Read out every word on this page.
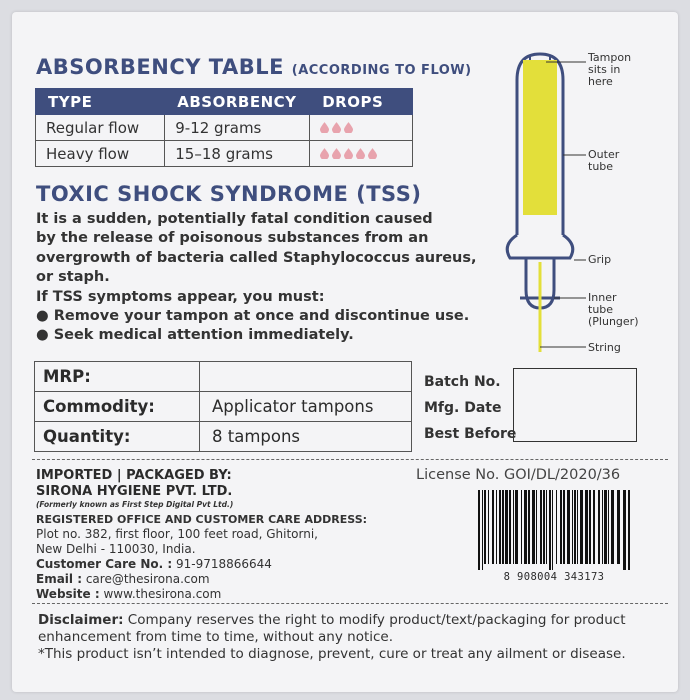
ABSORBENCY TABLE (ACCORDING TO FLOW)
TYPE	ABSORBENCY	DROPS
Regular flow	9-12 grams	

Heavy flow	15–18 grams	
TOXIC SHOCK SYNDROME (TSS)
It is a sudden, potentially fatal condition caused
by the release of poisonous substances from an
overgrowth of bacteria called Staphylococcus aureus,
or staph.
If TSS symptoms appear, you must:
● Remove your tampon at once and discontinue use.
● Seek medical attention immediately.
Tampon
sits in
here
Outer
tube
Grip
Inner
tube
(Plunger)
String
MRP:	
Commodity:	Applicator tampons
Quantity:	8 tampons
Batch No.
Mfg. Date
Best Before
IMPORTED | PACKAGED BY:
SIRONA HYGIENE PVT. LTD.
(Formerly known as First Step Digital Pvt Ltd.)
REGISTERED OFFICE AND CUSTOMER CARE ADDRESS:
Plot no. 382, first floor, 100 feet road, Ghitorni,
New Delhi - 110030, India.
Customer Care No. : 91-9718866644
Email : care@thesirona.com
Website : www.thesirona.com
License No. GOI/DL/2020/36
8 908004 343173
Disclaimer: Company reserves the right to modify product/text/packaging for product
enhancement from time to time, without any notice.
*This product isn’t intended to diagnose, prevent, cure or treat any ailment or disease.
